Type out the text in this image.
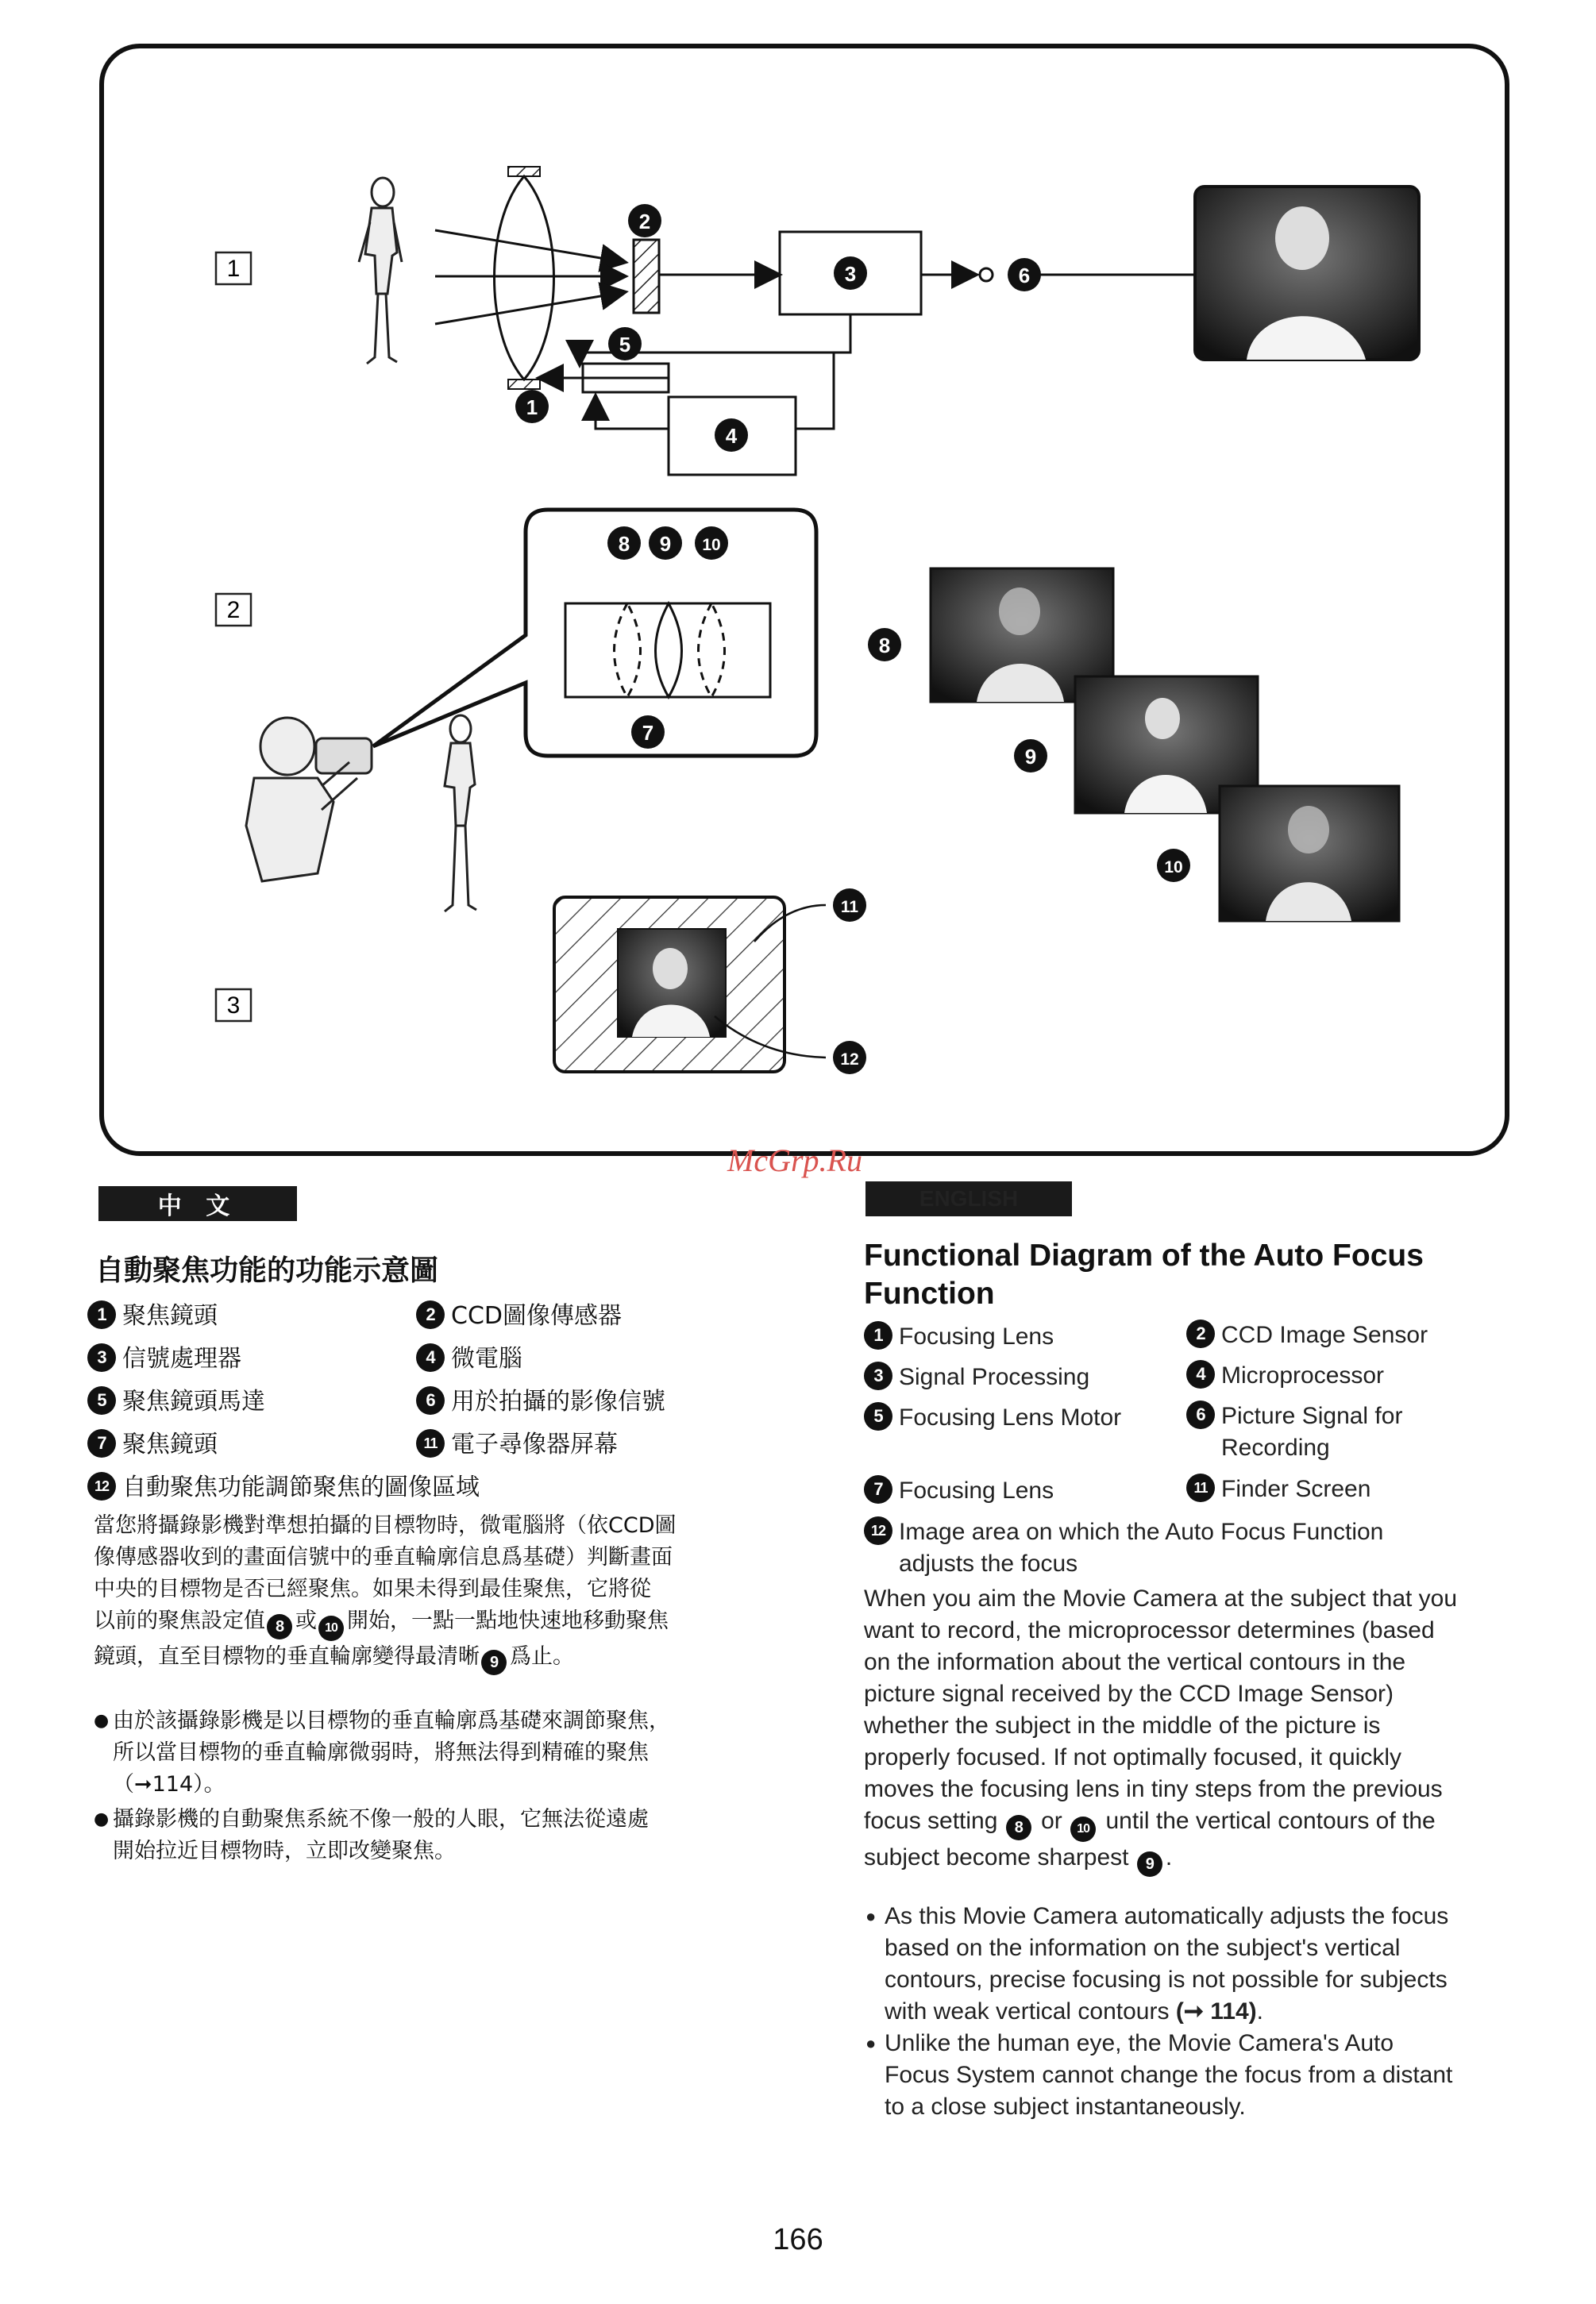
1
2
3
1
2
3
4
5
6
7
8 9 10
8
9
10
11
12
McGrp.Ru
中 文
自動聚焦功能的功能示意圖
1 聚焦鏡頭	2 CCD圖像傳感器
3 信號處理器	4 微電腦
5 聚焦鏡頭馬達	6 用於拍攝的影像信號
7 聚焦鏡頭	11 電子尋像器屏幕
12 自動聚焦功能調節聚焦的圖像區域
當您將攝錄影機對準想拍攝的目標物時，微電腦將（依CCD圖
像傳感器收到的畫面信號中的垂直輪廓信息爲基礎）判斷畫面
中央的目標物是否已經聚焦。如果未得到最佳聚焦，它將從
以前的聚焦設定值 8 或 10 開始，一點一點地快速地移動聚焦
鏡頭，直至目標物的垂直輪廓變得最清晰 9 爲止。
● 由於該攝錄影機是以目標物的垂直輪廓爲基礎來調節聚焦，
所以當目標物的垂直輪廓微弱時，將無法得到精確的聚焦
（➞114）。
● 攝錄影機的自動聚焦系統不像一般的人眼，它無法從遠處
開始拉近目標物時，立即改變聚焦。
ENGLISH
Functional Diagram of the Auto Focus
Function
1 Focusing Lens	2 CCD Image Sensor
3 Signal Processing	4 Microprocessor
5 Focusing Lens Motor	6 Picture Signal for
Recording
7 Focusing Lens	11 Finder Screen
12 Image area on which the Auto Focus Function
adjusts the focus
When you aim the Movie Camera at the subject that you
want to record, the microprocessor determines (based
on the information about the vertical contours in the
picture signal received by the CCD Image Sensor)
whether the subject in the middle of the picture is
properly focused. If not optimally focused, it quickly
moves the focusing lens in tiny steps from the previous
focus setting 8 or 10 until the vertical contours of the
subject become sharpest 9 .
● As this Movie Camera automatically adjusts the focus
based on the information on the subject's vertical
contours, precise focusing is not possible for subjects
with weak vertical contours (➞ 114).
● Unlike the human eye, the Movie Camera's Auto
Focus System cannot change the focus from a distant
to a close subject instantaneously.
166
